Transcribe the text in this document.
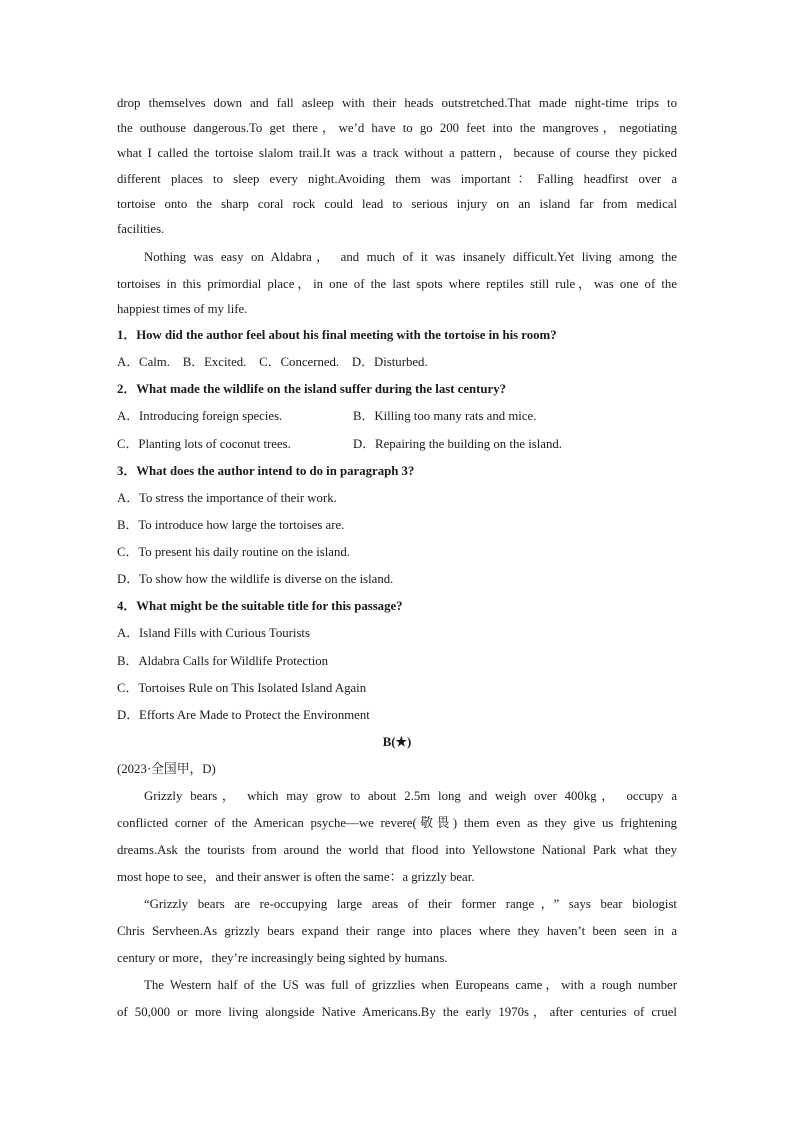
drop themselves down and fall asleep with their heads outstretched.That made night-time trips to
the outhouse dangerous.To get there，we’d have to go 200 feet into the mangroves，negotiating
what I called the tortoise slalom trail.It was a track without a pattern，because of course they picked
different places to sleep every night.Avoiding them was important：Falling headfirst over a
tortoise onto the sharp coral rock could lead to serious injury on an island far from medical
facilities.
Nothing was easy on Aldabra， and much of it was insanely difficult.Yet living among the
tortoises in this primordial place，in one of the last spots where reptiles still rule，was one of the
happiest times of my life.
1．How did the author feel about his final meeting with the tortoise in his room?
A．Calm.　B．Excited.　C．Concerned.　D．Disturbed.
2．What made the wildlife on the island suffer during the last century?
A．Introducing foreign species.	B．Killing too many rats and mice.
C．Planting lots of coconut trees.	D．Repairing the building on the island.
3．What does the author intend to do in paragraph 3?
A．To stress the importance of their work.
B．To introduce how large the tortoises are.
C．To present his daily routine on the island.
D．To show how the wildlife is diverse on the island.
4．What might be the suitable title for this passage?
A．Island Fills with Curious Tourists
B．Aldabra Calls for Wildlife Protection
C．Tortoises Rule on This Isolated Island Again
D．Efforts Are Made to Protect the Environment
B(★)
(2023·全国甲，D)
Grizzly bears， which may grow to about 2.5m long and weigh over 400kg， occupy a
conflicted corner of the American psyche—we revere(敬畏) them even as they give us frightening
dreams.Ask the tourists from around the world that flood into Yellowstone National Park what they
most hope to see，and their answer is often the same：a grizzly bear.
“Grizzly bears are re-occupying large areas of their former range，” says bear biologist
Chris Servheen.As grizzly bears expand their range into places where they haven’t been seen in a
century or more，they’re increasingly being sighted by humans.
The Western half of the US was full of grizzlies when Europeans came，with a rough number
of 50,000 or more living alongside Native Americans.By the early 1970s，after centuries of cruel
